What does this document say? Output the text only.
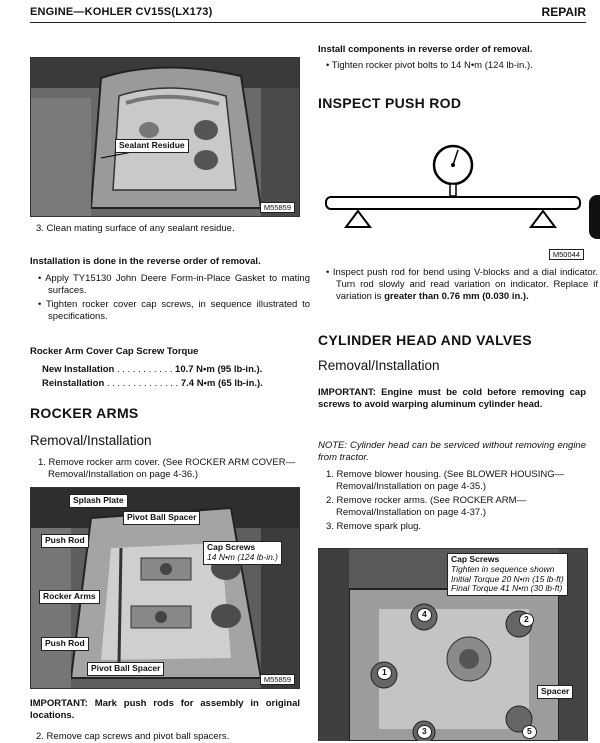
ENGINE—KOHLER CV15S(LX173)	REPAIR
Sealant Residue
M55859

3. Clean mating surface of any sealant residue.

Installation is done in the reverse order of removal.

• Apply TY15130 John Deere Form-in-Place Gasket to mating surfaces.

• Tighten rocker cover cap screws, in sequence illustrated to specifications.

Rocker Arm Cover Cap Screw Torque

New Installation . . . . . . . . . . . 10.7 N•m (95 lb-in.).
Reinstallation . . . . . . . . . . . . . . 7.4 N•m (65 lb-in.).

ROCKER ARMS

Removal/Installation

1. Remove rocker arm cover. (See ROCKER ARM COVER—Removal/Installation on page 4-36.)

Splash Plate
Pivot Ball Spacer
Push Rod
Cap Screws
14 N•m (124 lb-in.)
Rocker Arms
Push Rod
Pivot Ball Spacer
M55859
IMPORTANT: Mark push rods for assembly in original locations.

2. Remove cap screws and pivot ball spacers.

Install components in reverse order of removal.

• Tighten rocker pivot bolts to 14 N•m (124 lb-in.).

INSPECT PUSH ROD

M50044

• Inspect push rod for bend using V-blocks and a dial indicator. Turn rod slowly and read variation on indicator. Replace if variation is greater than 0.76 mm (0.030 in.).

CYLINDER HEAD AND VALVES

Removal/Installation

IMPORTANT: Engine must be cold before removing cap screws to avoid warping aluminum cylinder head.
NOTE: Cylinder head can be serviced without removing engine from tractor.

1. Remove blower housing. (See BLOWER HOUSING—Removal/Installation on page 4-35.)

2. Remove rocker arms. (See ROCKER ARM—Removal/Installation on page 4-37.)

3. Remove spark plug.

Cap Screws
Tighten in sequence shown
Initial Torque 20 N•m (15 lb-ft)
Final Torque 41 N•m (30 lb-ft)
Spacer
4	2
1
5
3
